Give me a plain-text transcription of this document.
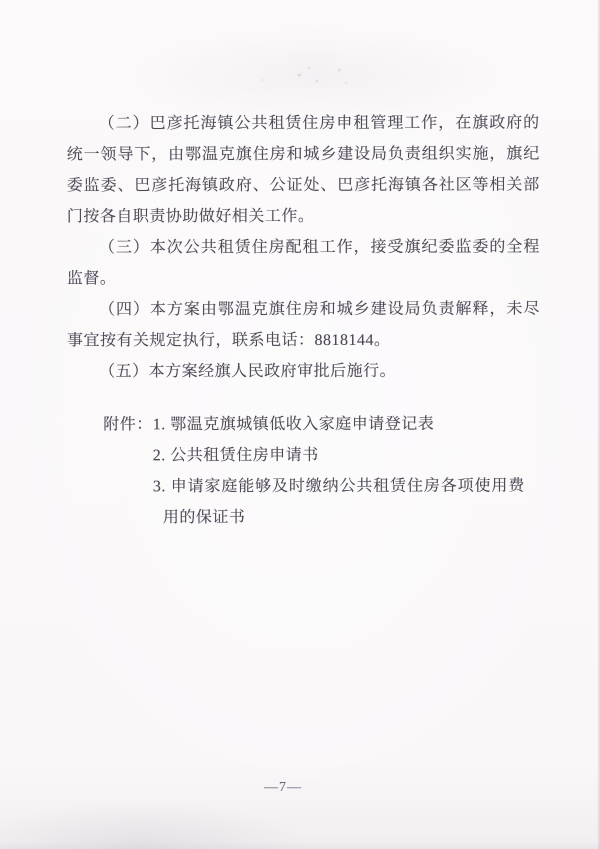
（二）巴彦托海镇公共租赁住房申租管理工作，在旗政府的统一领导下，由鄂温克旗住房和城乡建设局负责组织实施，旗纪委监委、巴彦托海镇政府、公证处、巴彦托海镇各社区等相关部门按各自职责协助做好相关工作。

（三）本次公共租赁住房配租工作，接受旗纪委监委的全程监督。

（四）本方案由鄂温克旗住房和城乡建设局负责解释，未尽事宜按有关规定执行，联系电话：8818144。

（五）本方案经旗人民政府审批后施行。

附件： 1. 鄂温克旗城镇低收入家庭申请登记表

2. 公共租赁住房申请书

3. 申请家庭能够及时缴纳公共租赁住房各项使用费用的保证书

—7—
